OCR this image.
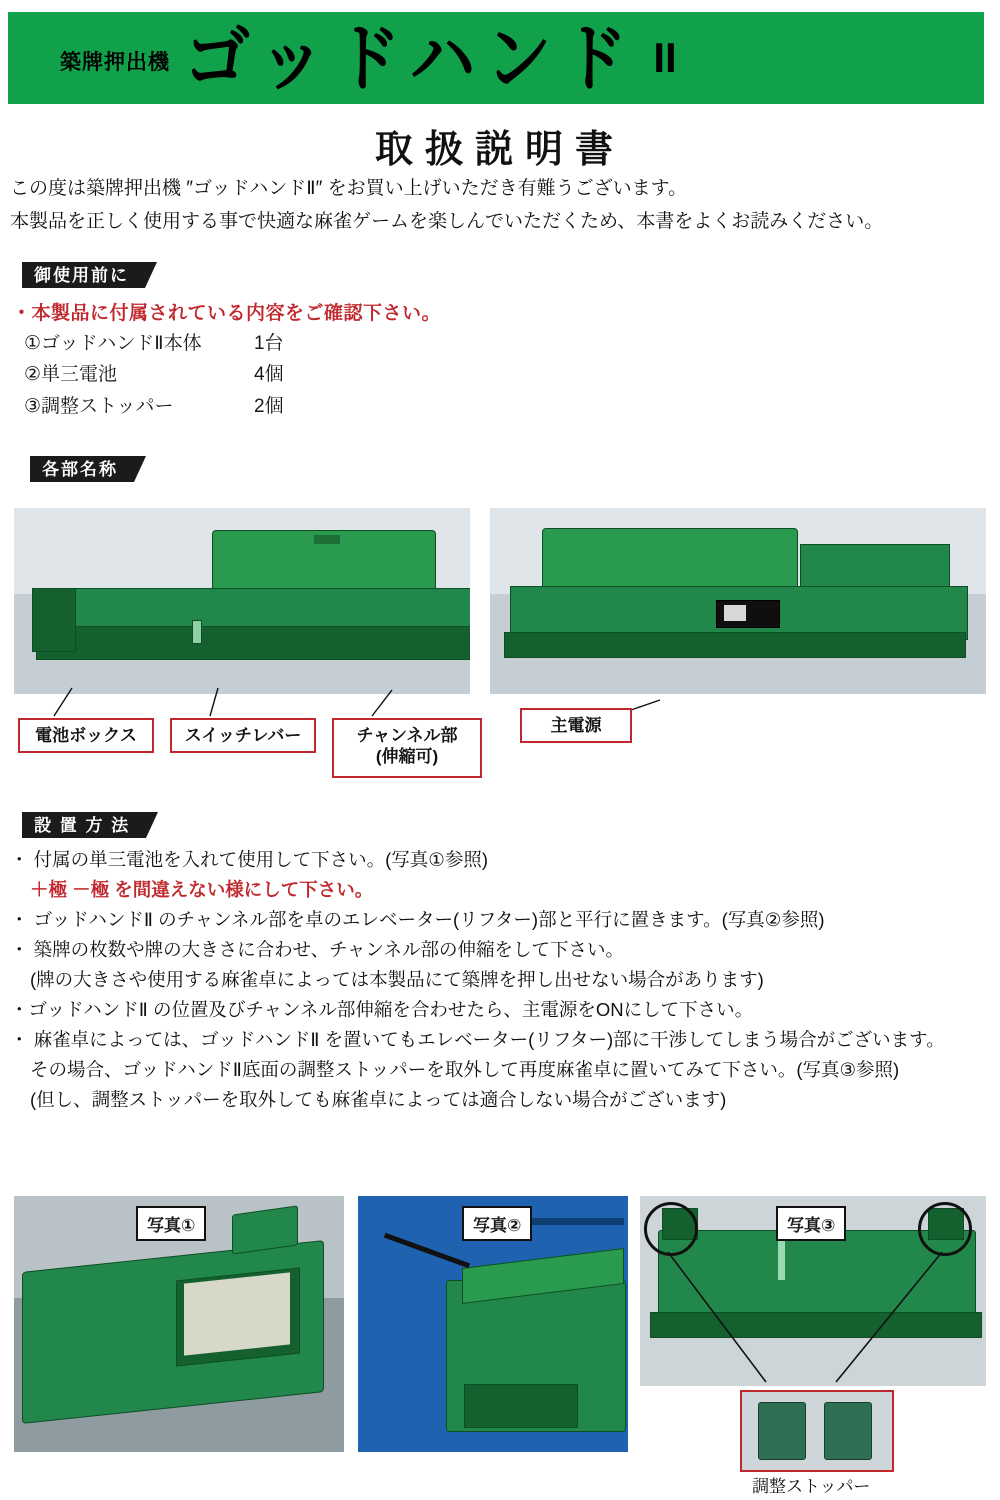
築牌押出機 ゴッドハンド II
取扱説明書
この度は築牌押出機 ″ゴッドハンドⅡ″ をお買い上げいただき有難うございます。
本製品を正しく使用する事で快適な麻雀ゲームを楽しんでいただくため、本書をよくお読みください。
御使用前に
・本製品に付属されている内容をご確認下さい。
①ゴッドハンドⅡ本体	1台
②単三電池	4個
③調整ストッパー	2個
各部名称
電池ボックス	スイッチレバー	チャンネル部
(伸縮可)
主電源
設 置 方 法
・ 付属の単三電池を入れて使用して下さい。(写真①参照)
＋極 －極 を間違えない様にして下さい。
・ ゴッドハンドⅡ のチャンネル部を卓のエレベーター(リフター)部と平行に置きます。(写真②参照)
・ 築牌の枚数や牌の大きさに合わせ、チャンネル部の伸縮をして下さい。
(牌の大きさや使用する麻雀卓によっては本製品にて築牌を押し出せない場合があります)
・ゴッドハンドⅡ の位置及びチャンネル部伸縮を合わせたら、主電源をONにして下さい。
・ 麻雀卓によっては、ゴッドハンドⅡ を置いてもエレベーター(リフター)部に干渉してしまう場合がございます。
その場合、ゴッドハンドⅡ底面の調整ストッパーを取外して再度麻雀卓に置いてみて下さい。(写真③参照)
(但し、調整ストッパーを取外しても麻雀卓によっては適合しない場合がございます)
写真①	写真②	写真③
調整ストッパー
